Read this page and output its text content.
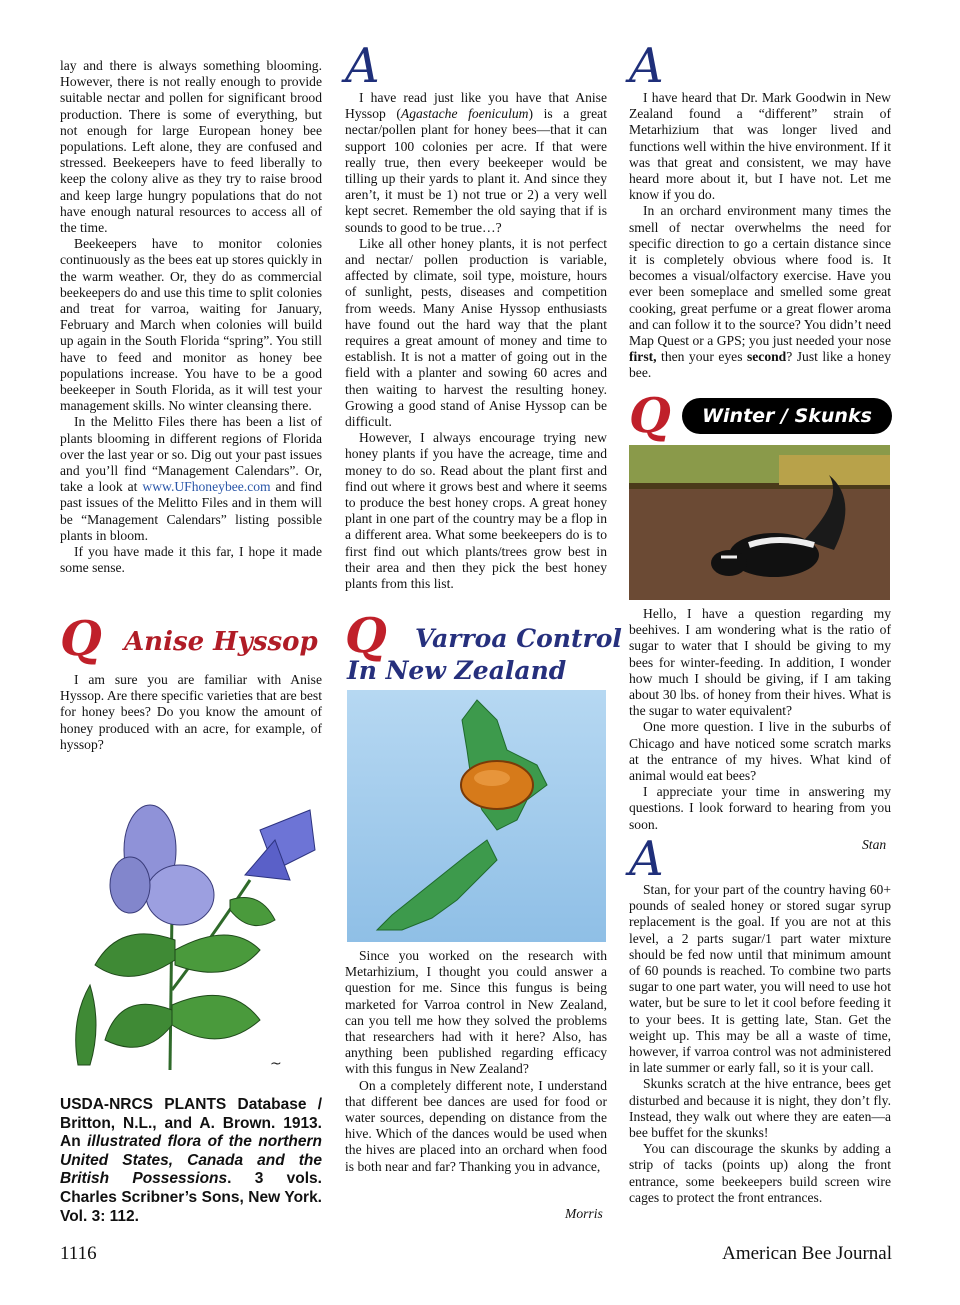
lay and there is always something blooming. However, there is not really enough to provide suitable nectar and pollen for significant brood production. There is some of everything, but not enough for large European honey bee populations. Left alone, they are confused and stressed. Beekeepers have to feed liberally to keep the colony alive as they try to raise brood and keep large hungry populations that do not have enough natural resources to access all of the time.

Beekeepers have to monitor colonies continuously as the bees eat up stores quickly in the warm weather. Or, they do as commercial beekeepers do and use this time to split colonies and treat for varroa, waiting for January, February and March when colonies will build up again in the South Florida “spring”. You still have to feed and monitor as honey bee populations increase. You have to be a good beekeeper in South Florida, as it will test your management skills. No winter cleansing there.

In the Melitto Files there has been a list of plants blooming in different regions of Florida over the last year or so. Dig out your past issues and you’ll find “Management Calendars”. Or, take a look at www.UFhoneybee.com and find past issues of the Melitto Files and in them will be “Management Calendars” listing possible plants in bloom.

If you have made it this far, I hope it made some sense.

Q Anise Hyssop

I am sure you are familiar with Anise Hyssop. Are there specific varieties that are best for honey bees? Do you know the amount of honey produced with an acre, for example, of hyssop?

~
USDA-NRCS PLANTS Database / Britton, N.L., and A. Brown. 1913. An illustrated flora of the northern United States, Canada and the British Possessions. 3 vols. Charles Scribner’s Sons, New York. Vol. 3: 112.
A

I have read just like you have that Anise Hyssop (Agastache foeniculum) is a great nectar/pollen plant for honey bees—that it can support 100 colonies per acre. If that were really true, then every beekeeper would be tilling up their yards to plant it. And since they aren’t, it must be 1) not true or 2) a very well kept secret. Remember the old saying that if is sounds to good to be true…?

Like all other honey plants, it is not perfect and nectar/ pollen production is variable, affected by climate, soil type, moisture, hours of sunlight, pests, diseases and competition from weeds. Many Anise Hyssop enthusiasts have found out the hard way that the plant requires a great amount of money and time to establish. It is not a matter of going out in the field with a planter and sowing 60 acres and then waiting to harvest the resulting honey. Growing a good stand of Anise Hyssop can be difficult.

However, I always encourage trying new honey plants if you have the acreage, time and money to do so. Read about the plant first and find out where it grows best and where it seems to produce the best honey crops. A great honey plant in one part of the country may be a flop in a different area. What some beekeepers do is to first find out which plants/trees grow best in their area and then they pick the best honey plants from this list.

Q Varroa Control
In New Zealand

Since you worked on the research with Metarhizium, I thought you could answer a question for me. Since this fungus is being marketed for Varroa control in New Zealand, can you tell me how they solved the problems that researchers had with it here? Also, has anything been published regarding efficacy with this fungus in New Zealand?

On a completely different note, I understand that different bee dances are used for food or water sources, depending on distance from the hive. Which of the dances would be used when the hives are placed into an orchard when food is both near and far? Thanking you in advance,

Morris
A

I have heard that Dr. Mark Goodwin in New Zealand found a “different” strain of Metarhizium that was longer lived and functions well within the hive environment. If it was that great and consistent, we may have heard more about it, but I have not. Let me know if you do.

In an orchard environment many times the smell of nectar overwhelms the need for specific direction to go a certain distance since it is completely obvious where food is. It becomes a visual/olfactory exercise. Have you ever been someplace and smelled some great cooking, great perfume or a great flower aroma and can follow it to the source? You didn’t need Map Quest or a GPS; you just needed your nose first, then your eyes second? Just like a honey bee.

Q	Winter / Skunks

Hello, I have a question regarding my beehives. I am wondering what is the ratio of sugar to water that I should be giving to my bees for winter-feeding. In addition, I wonder how much I should be giving, if I am taking about 30 lbs. of honey from their hives. What is the sugar to water equivalent?

One more question. I live in the suburbs of Chicago and have noticed some scratch marks at the entrance of my hives. What kind of animal would eat bees?

I appreciate your time in answering my questions. I look forward to hearing from you soon.

Stan
A

Stan, for your part of the country having 60+ pounds of sealed honey or stored sugar syrup replacement is the goal. If you are not at this level, a 2 parts sugar/1 part water mixture should be fed now until that minimum amount of 60 pounds is reached. To combine two parts sugar to one part water, you will need to use hot water, but be sure to let it cool before feeding it to your bees. It is getting late, Stan. Get the weight up. This may be all a waste of time, however, if varroa control was not administered in late summer or early fall, so it is your call.

Skunks scratch at the hive entrance, bees get disturbed and because it is night, they don’t fly. Instead, they walk out where they are eaten—a bee buffet for the skunks!

You can discourage the skunks by adding a strip of tacks (points up) along the front entrance, some beekeepers build screen wire cages to protect the front entrances.

1116	American Bee Journal
